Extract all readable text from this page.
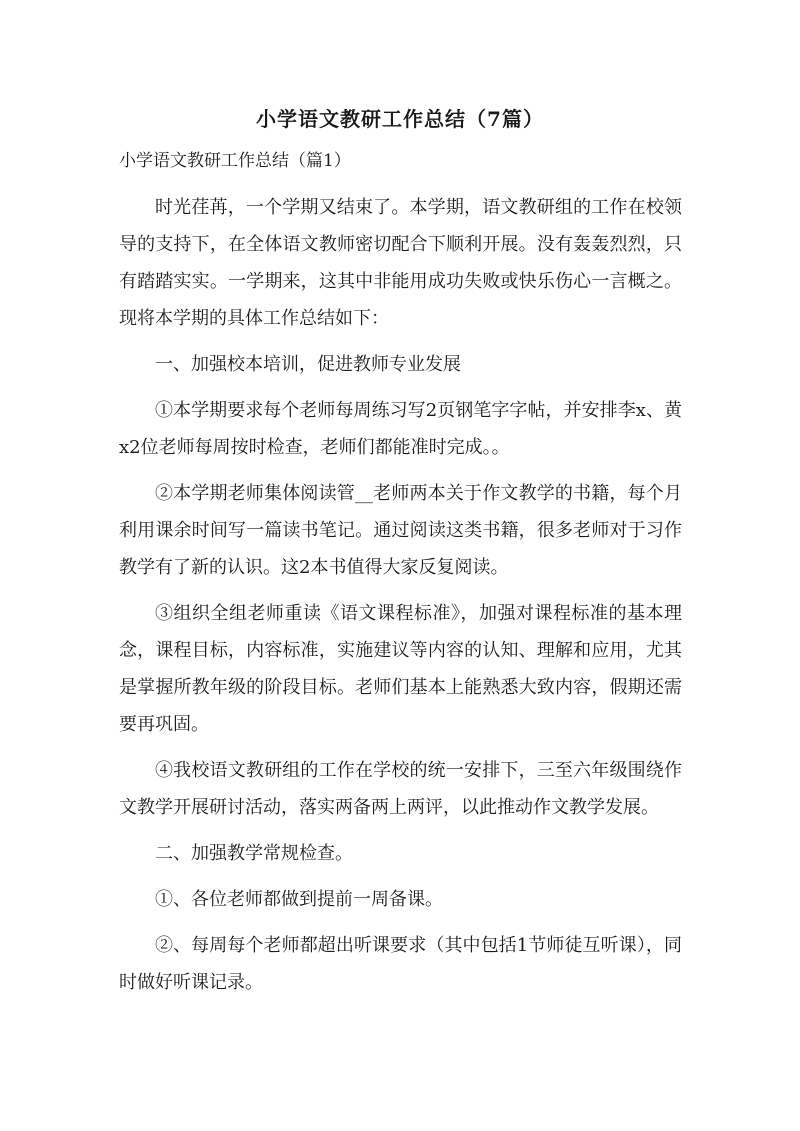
小学语文教研工作总结（7篇）

小学语文教研工作总结（篇1）

时光荏苒，一个学期又结束了。本学期，语文教研组的工作在校领导的支持下，在全体语文教师密切配合下顺利开展。没有轰轰烈烈，只有踏踏实实。一学期来，这其中非能用成功失败或快乐伤心一言概之。现将本学期的具体工作总结如下：

一、加强校本培训，促进教师专业发展

①本学期要求每个老师每周练习写2页钢笔字字帖，并安排李x、黄x2位老师每周按时检查，老师们都能准时完成。。

②本学期老师集体阅读管__老师两本关于作文教学的书籍，每个月利用课余时间写一篇读书笔记。通过阅读这类书籍，很多老师对于习作教学有了新的认识。这2本书值得大家反复阅读。

③组织全组老师重读《语文课程标准》，加强对课程标准的基本理念，课程目标，内容标准，实施建议等内容的认知、理解和应用，尤其是掌握所教年级的阶段目标。老师们基本上能熟悉大致内容，假期还需要再巩固。

④我校语文教研组的工作在学校的统一安排下，三至六年级围绕作文教学开展研讨活动，落实两备两上两评，以此推动作文教学发展。

二、加强教学常规检查。

①、各位老师都做到提前一周备课。

②、每周每个老师都超出听课要求（其中包括1节师徒互听课），同时做好听课记录。
